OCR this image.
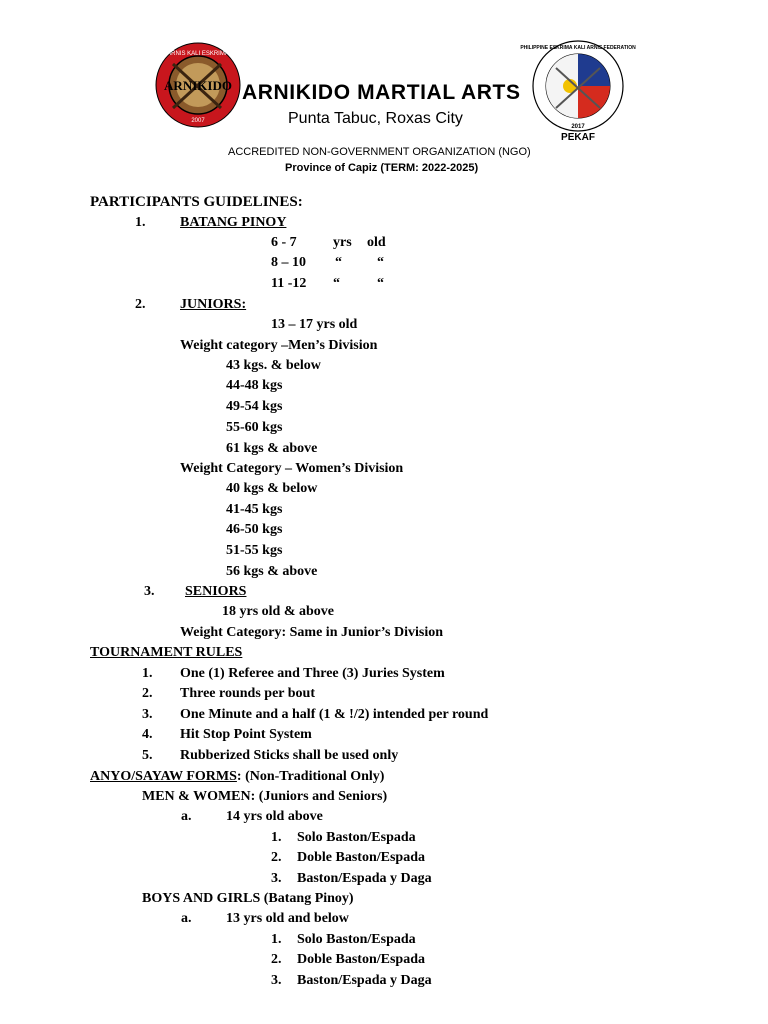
ARNIS KALI ESKRIMA
ARNIKIDO
2007
ARNIKIDO MARTIAL ARTS
Punta Tabuc, Roxas City
PHILIPPINE ESKRIMA KALI ARNIS FEDERATION
2017
PEKAF
ACCREDITED NON-GOVERNMENT ORGANIZATION (NGO)
Province of Capiz (TERM: 2022-2025)
PARTICIPANTS GUIDELINES:
1. BATANG PINOY
6 - 7	yrs old
8 – 10 “	“
11 -12 “	“
2. JUNIORS:
13 – 17 yrs old
Weight category –Men’s Division
43 kgs. & below
44-48 kgs
49-54 kgs
55-60 kgs
61 kgs & above
Weight Category – Women’s Division
40 kgs & below
41-45 kgs
46-50 kgs
51-55 kgs
56 kgs & above
3. SENIORS
18 yrs old & above
Weight Category: Same in Junior’s Division
TOURNAMENT RULES
1. One (1) Referee and Three (3) Juries System
2. Three rounds per bout
3. One Minute and a half (1 & !/2) intended per round
4. Hit Stop Point System
5. Rubberized Sticks shall be used only
ANYO/SAYAW FORMS: (Non-Traditional Only)
MEN & WOMEN: (Juniors and Seniors)
a. 14 yrs old above
1. Solo Baston/Espada
2. Doble Baston/Espada
3. Baston/Espada y Daga
BOYS AND GIRLS (Batang Pinoy)
a. 13 yrs old and below
1. Solo Baston/Espada
2. Doble Baston/Espada
3. Baston/Espada y Daga
